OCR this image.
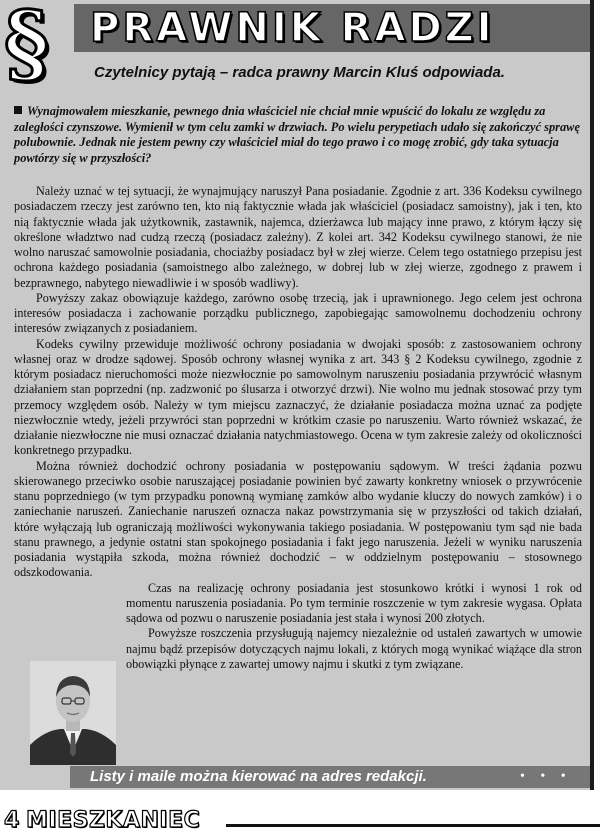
§ PRAWNIK RADZI
Czytelnicy pytają – radca prawny Marcin Kluś odpowiada.
Wynajmowałem mieszkanie, pewnego dnia właściciel nie chciał mnie wpuścić do lokalu ze względu za zaległości czynszowe. Wymienił w tym celu zamki w drzwiach. Po wielu perypetiach udało się zakończyć sprawę polubownie. Jednak nie jestem pewny czy właściciel miał do tego prawo i co mogę zrobić, gdy taka sytuacja powtórzy się w przyszłości?

Należy uznać w tej sytuacji, że wynajmujący naruszył Pana posiadanie. Zgodnie z art. 336 Kodeksu cywilnego posiadaczem rzeczy jest zarówno ten, kto nią faktycznie włada jak właściciel (posiadacz samoistny), jak i ten, kto nią faktycznie włada jak użytkownik, zastawnik, najemca, dzierżawca lub mający inne prawo, z którym łączy się określone władztwo nad cudzą rzeczą (posiadacz zależny). Z kolei art. 342 Kodeksu cywilnego stanowi, że nie wolno naruszać samowolnie posiadania, chociażby posiadacz był w złej wierze. Celem tego ostatniego przepisu jest ochrona każdego posiadania (samoistnego albo zależnego, w dobrej lub w złej wierze, zgodnego z prawem i bezprawnego, nabytego niewadliwie i w sposób wadliwy).

Powyższy zakaz obowiązuje każdego, zarówno osobę trzecią, jak i uprawnionego. Jego celem jest ochrona interesów posiadacza i zachowanie porządku publicznego, zapobiegając samowolnemu dochodzeniu ochrony interesów związanych z posiadaniem.

Kodeks cywilny przewiduje możliwość ochrony posiadania w dwojaki sposób: z zastosowaniem ochrony własnej oraz w drodze sądowej. Sposób ochrony własnej wynika z art. 343 § 2 Kodeksu cywilnego, zgodnie z którym posiadacz nieruchomości może niezwłocznie po samowolnym naruszeniu posiadania przywrócić własnym działaniem stan poprzedni (np. zadzwonić po ślusarza i otworzyć drzwi). Nie wolno mu jednak stosować przy tym przemocy względem osób. Należy w tym miejscu zaznaczyć, że działanie posiadacza można uznać za podjęte niezwłocznie wtedy, jeżeli przywróci stan poprzedni w krótkim czasie po naruszeniu. Warto również wskazać, że działanie niezwłoczne nie musi oznaczać działania natychmiastowego. Ocena w tym zakresie zależy od okoliczności konkretnego przypadku.

Można również dochodzić ochrony posiadania w postępowaniu sądowym. W treści żądania pozwu skierowanego przeciwko osobie naruszającej posiadanie powinien być zawarty konkretny wniosek o przywrócenie stanu poprzedniego (w tym przypadku ponowną wymianę zamków albo wydanie kluczy do nowych zamków) i o zaniechanie naruszeń. Zaniechanie naruszeń oznacza nakaz powstrzymania się w przyszłości od takich działań, które wyłączają lub ograniczają możliwości wykonywania takiego posiadania. W postępowaniu tym sąd nie bada stanu prawnego, a jedynie ostatni stan spokojnego posiadania i fakt jego naruszenia. Jeżeli w wyniku naruszenia posiadania wystąpiła szkoda, można również dochodzić – w oddzielnym postępowaniu – stosownego odszkodowania.

Czas na realizację ochrony posiadania jest stosunkowo krótki i wynosi 1 rok od momentu naruszenia posiadania. Po tym terminie roszczenie w tym zakresie wygasa. Opłata sądowa od pozwu o naruszenie posiadania jest stała i wynosi 200 złotych.

Powyższe roszczenia przysługują najemcy niezależnie od ustaleń zawartych w umowie najmu bądź przepisów dotyczących najmu lokali, z których mogą wynikać wiążące dla stron obowiązki płynące z zawartej umowy najmu i skutki z tym związane.

Listy i maile można kierować na adres redakcji.	• • • • •
4 MIESZKANIEC
